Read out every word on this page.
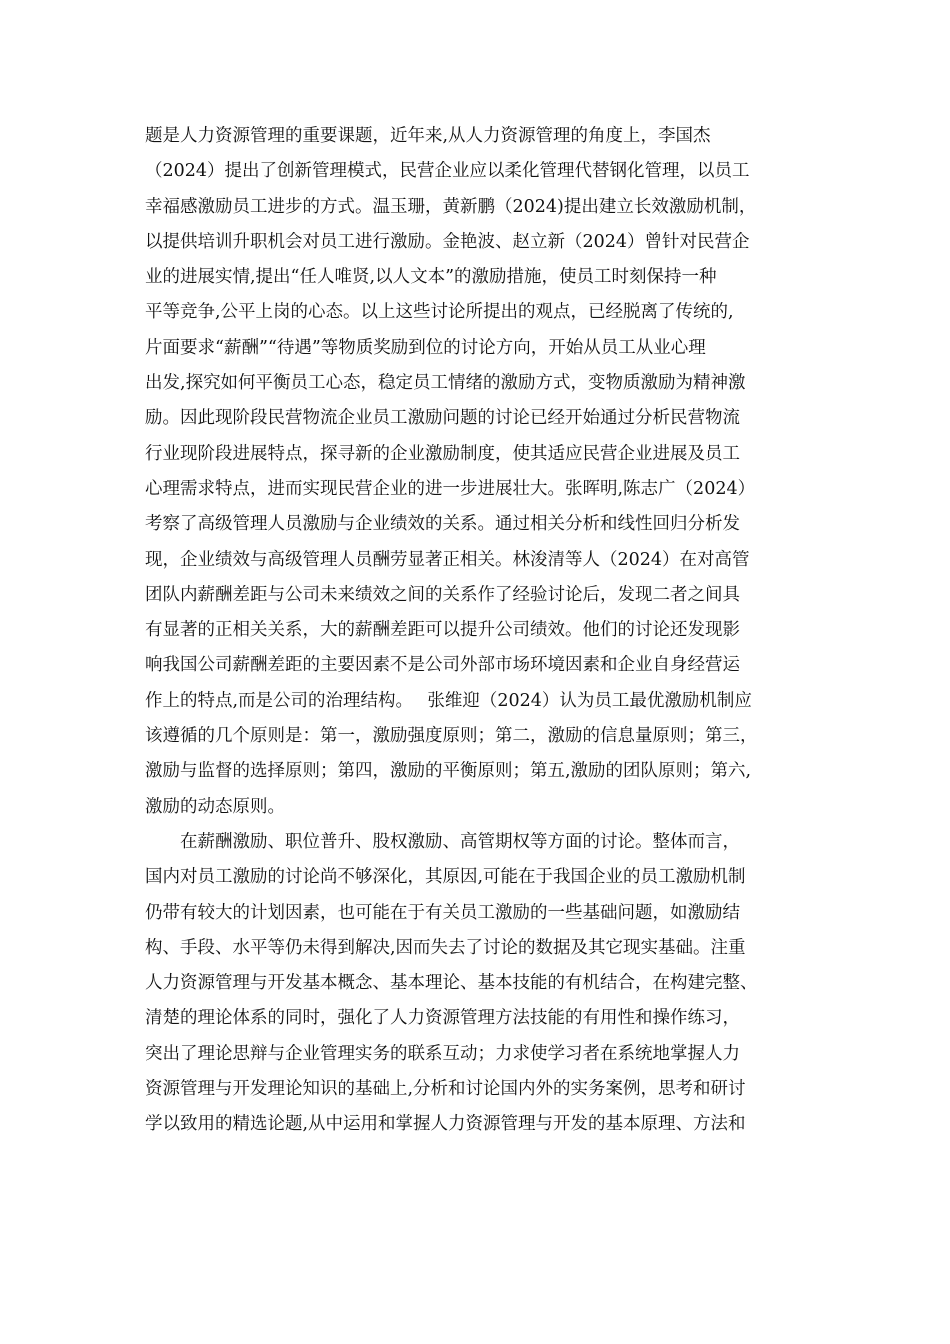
题是人力资源管理的重要课题，近年来,从人力资源管理的角度上，李国杰
（2024）提出了创新管理模式，民营企业应以柔化管理代替钢化管理，以员工
幸福感激励员工进步的方式。温玉珊，黄新鹏（2024)提出建立长效激励机制，
以提供培训升职机会对员工进行激励。金艳波、赵立新（2024）曾针对民营企
业的进展实情,提出“任人唯贤,以人文本”的激励措施，使员工时刻保持一种
平等竞争,公平上岗的心态。以上这些讨论所提出的观点，已经脱离了传统的,
片面要求“薪酬”“待遇”等物质奖励到位的讨论方向，开始从员工从业心理
出发,探究如何平衡员工心态，稳定员工情绪的激励方式，变物质激励为精神激
励。因此现阶段民营物流企业员工激励问题的讨论已经开始通过分析民营物流
行业现阶段进展特点，探寻新的企业激励制度，使其适应民营企业进展及员工
心理需求特点，进而实现民营企业的进一步进展壮大。张晖明,陈志广（2024）
考察了高级管理人员激励与企业绩效的关系。通过相关分析和线性回归分析发
现，企业绩效与高级管理人员酬劳显著正相关。林浚清等人（2024）在对高管
团队内薪酬差距与公司未来绩效之间的关系作了经验讨论后，发现二者之间具
有显著的正相关关系，大的薪酬差距可以提升公司绩效。他们的讨论还发现影
响我国公司薪酬差距的主要因素不是公司外部市场环境因素和企业自身经营运
作上的特点,而是公司的治理结构。　 张维迎（2024）认为员工最优激励机制应
该遵循的几个原则是：第一，激励强度原则；第二，激励的信息量原则；第三，
激励与监督的选择原则；第四，激励的平衡原则；第五,激励的团队原则；第六,
激励的动态原则。
　　在薪酬激励、职位普升、股权激励、高管期权等方面的讨论。整体而言，
国内对员工激励的讨论尚不够深化，其原因,可能在于我国企业的员工激励机制
仍带有较大的计划因素，也可能在于有关员工激励的一些基础问题，如激励结
构、手段、水平等仍未得到解决,因而失去了讨论的数据及其它现实基础。注重
人力资源管理与开发基本概念、基本理论、基本技能的有机结合，在构建完整、
清楚的理论体系的同时，强化了人力资源管理方法技能的有用性和操作练习，
突出了理论思辩与企业管理实务的联系互动；力求使学习者在系统地掌握人力
资源管理与开发理论知识的基础上,分析和讨论国内外的实务案例，思考和研讨
学以致用的精选论题,从中运用和掌握人力资源管理与开发的基本原理、方法和
